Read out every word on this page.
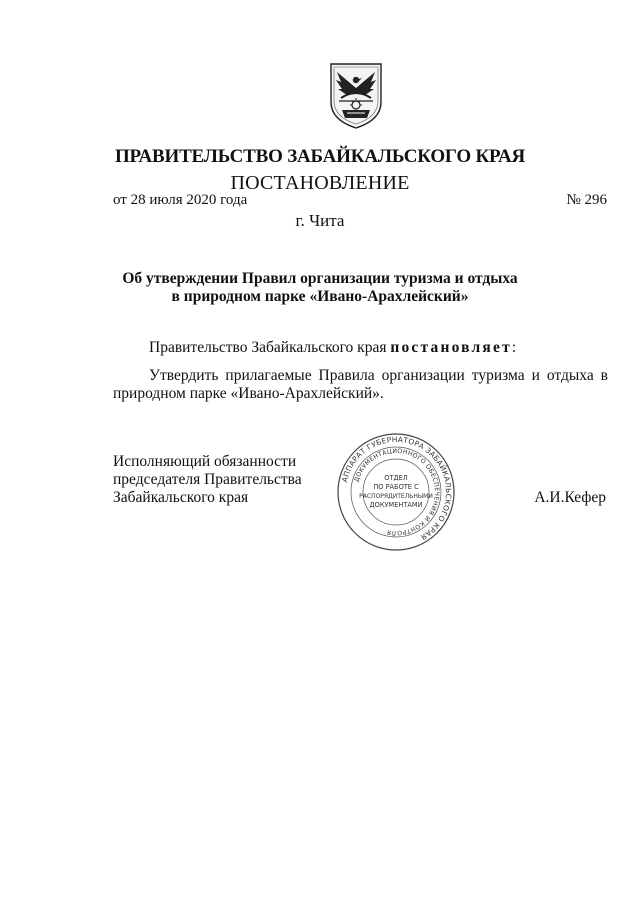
ПРАВИТЕЛЬСТВО ЗАБАЙКАЛЬСКОГО КРАЯ
ПОСТАНОВЛЕНИЕ
от 28 июля 2020 года	№ 296
г. Чита
Об утверждении Правил организации туризма и отдыха
в природном парке «Ивано-Арахлейский»
Правительство Забайкальского края постановляет:
Утвердить прилагаемые Правила организации туризма и отдыха в природном парке «Ивано-Арахлейский».
Исполняющий обязанности
председателя Правительства
Забайкальского края
АППАРАТ ГУБЕРНАТОРА ЗАБАЙКАЛЬСКОГО КРАЯ
ДОКУМЕНТАЦИОННОГО ОБЕСПЕЧЕНИЯ И КОНТРОЛЯ
ОТДЕЛ
ПО РАБОТЕ С
РАСПОРЯДИТЕЛЬНЫМИ
ДОКУМЕНТАМИ	А.И.Кефер
